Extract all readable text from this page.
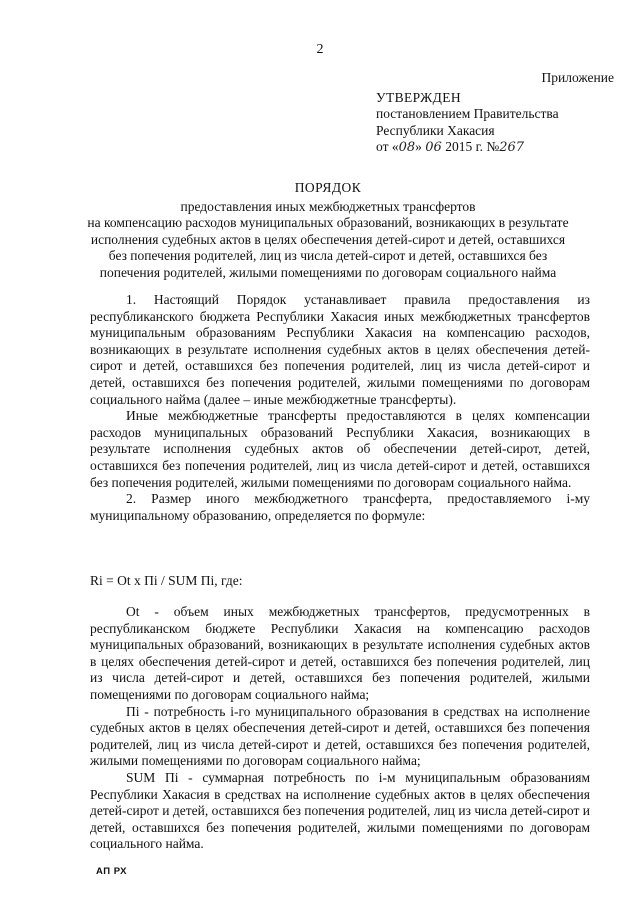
2
Приложение
УТВЕРЖДЕН
постановлением Правительства
Республики Хакасия
от «08» 06 2015 г. №267
ПОРЯДОК
предоставления иных межбюджетных трансфертов
на компенсацию расходов муниципальных образований, возникающих в результате
исполнения судебных актов в целях обеспечения детей-сирот и детей, оставшихся
без попечения родителей, лиц из числа детей-сирот и детей, оставшихся без
попечения родителей, жилыми помещениями по договорам социального найма

1. Настоящий Порядок устанавливает правила предоставления из республиканского бюджета Республики Хакасия иных межбюджетных трансфертов муниципальным образованиям Республики Хакасия на компенсацию расходов, возникающих в результате исполнения судебных актов в целях обеспечения детей-сирот и детей, оставшихся без попечения родителей, лиц из числа детей-сирот и детей, оставшихся без попечения родителей, жилыми помещениями по договорам социального найма (далее – иные межбюджетные трансферты).

Иные межбюджетные трансферты предоставляются в целях компенсации расходов муниципальных образований Республики Хакасия, возникающих в результате исполнения судебных актов об обеспечении детей-сирот, детей, оставшихся без попечения родителей, лиц из числа детей-сирот и детей, оставшихся без попечения родителей, жилыми помещениями по договорам социального найма.

2. Размер иного межбюджетного трансферта, предоставляемого i-му муниципальному образованию, определяется по формуле:

Ri = Ot x Пi / SUM Пi, где:

Ot - объем иных межбюджетных трансфертов, предусмотренных в республиканском бюджете Республики Хакасия на компенсацию расходов муниципальных образований, возникающих в результате исполнения судебных актов в целях обеспечения детей-сирот и детей, оставшихся без попечения родителей, лиц из числа детей-сирот и детей, оставшихся без попечения родителей, жилыми помещениями по договорам социального найма;

Пi - потребность i-го муниципального образования в средствах на исполнение судебных актов в целях обеспечения детей-сирот и детей, оставшихся без попечения родителей, лиц из числа детей-сирот и детей, оставшихся без попечения родителей, жилыми помещениями по договорам социального найма;

SUM Пi - суммарная потребность по i-м муниципальным образованиям Республики Хакасия в средствах на исполнение судебных актов в целях обеспечения детей-сирот и детей, оставшихся без попечения родителей, лиц из числа детей-сирот и детей, оставшихся без попечения родителей, жилыми помещениями по договорам социального найма.

АП РХ
